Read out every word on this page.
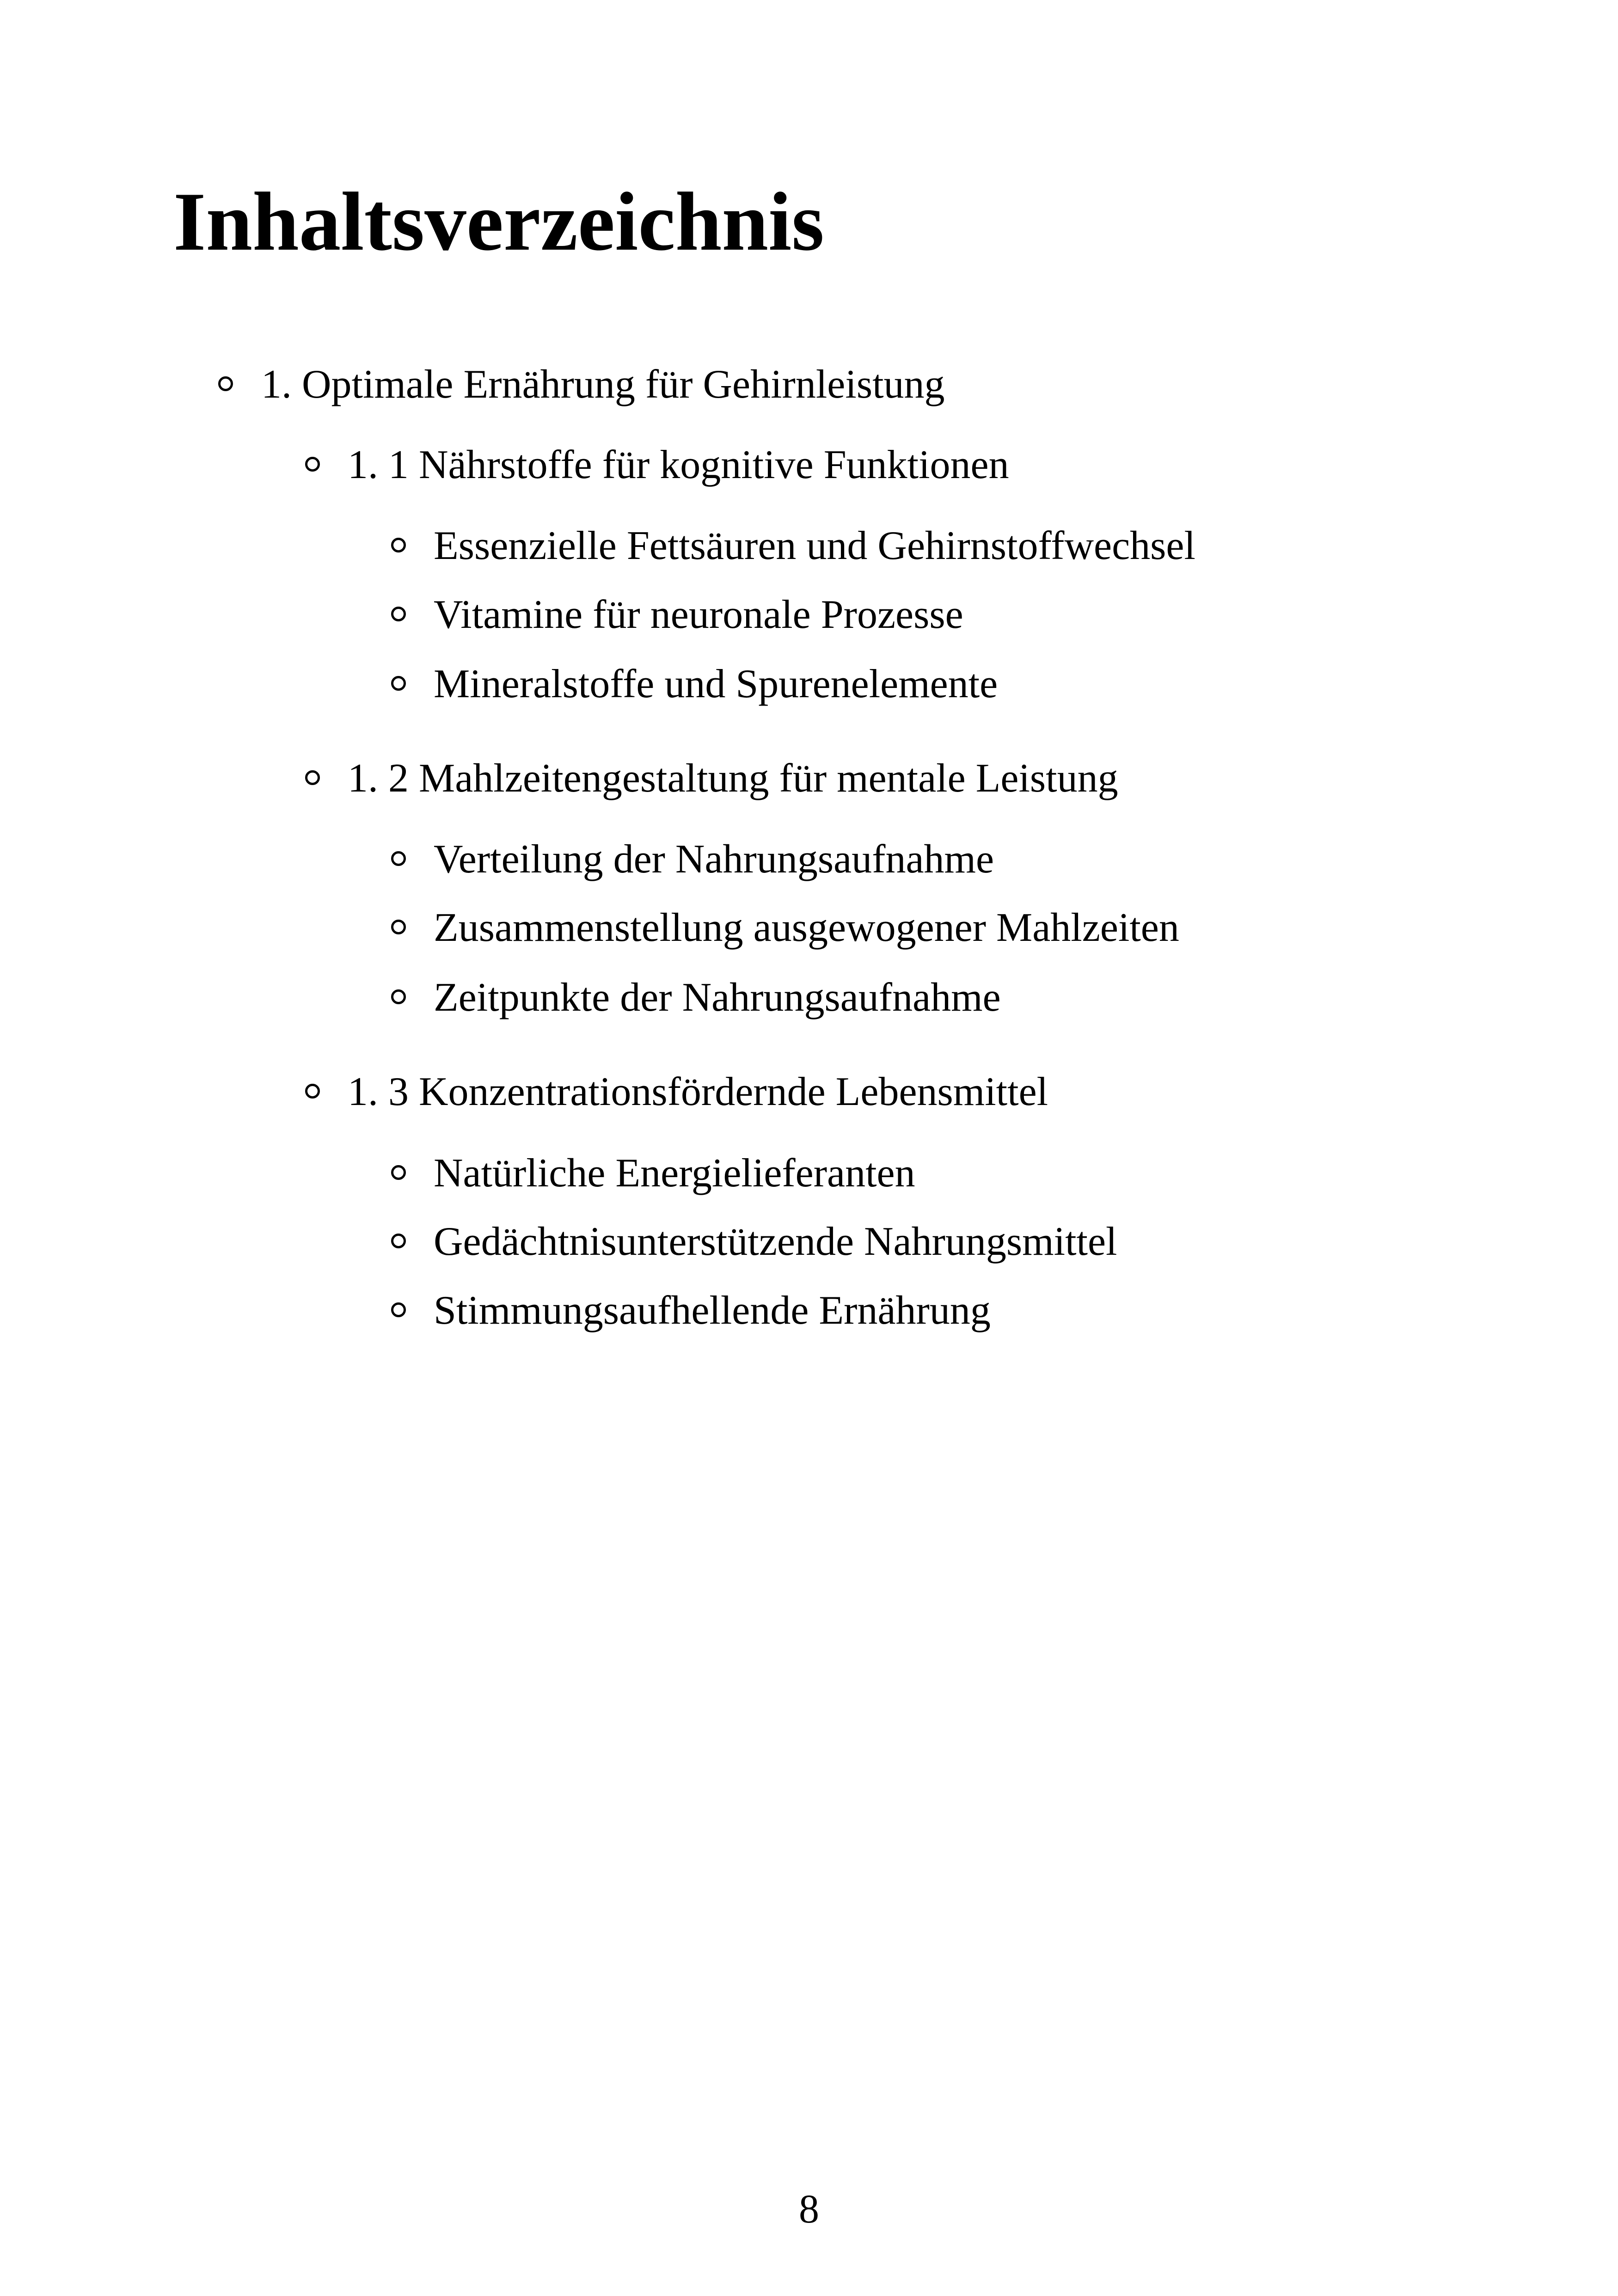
Inhaltsverzeichnis
1. Optimale Ernährung für Gehirnleistung
1. 1 Nährstoffe für kognitive Funktionen
Essenzielle Fettsäuren und Gehirnstoffwechsel
Vitamine für neuronale Prozesse
Mineralstoffe und Spurenelemente
1. 2 Mahlzeitengestaltung für mentale Leistung
Verteilung der Nahrungsaufnahme
Zusammenstellung ausgewogener Mahlzeiten
Zeitpunkte der Nahrungsaufnahme
1. 3 Konzentrationsfördernde Lebensmittel
Natürliche Energielieferanten
Gedächtnisunterstützende Nahrungsmittel
Stimmungsaufhellende Ernährung
8
